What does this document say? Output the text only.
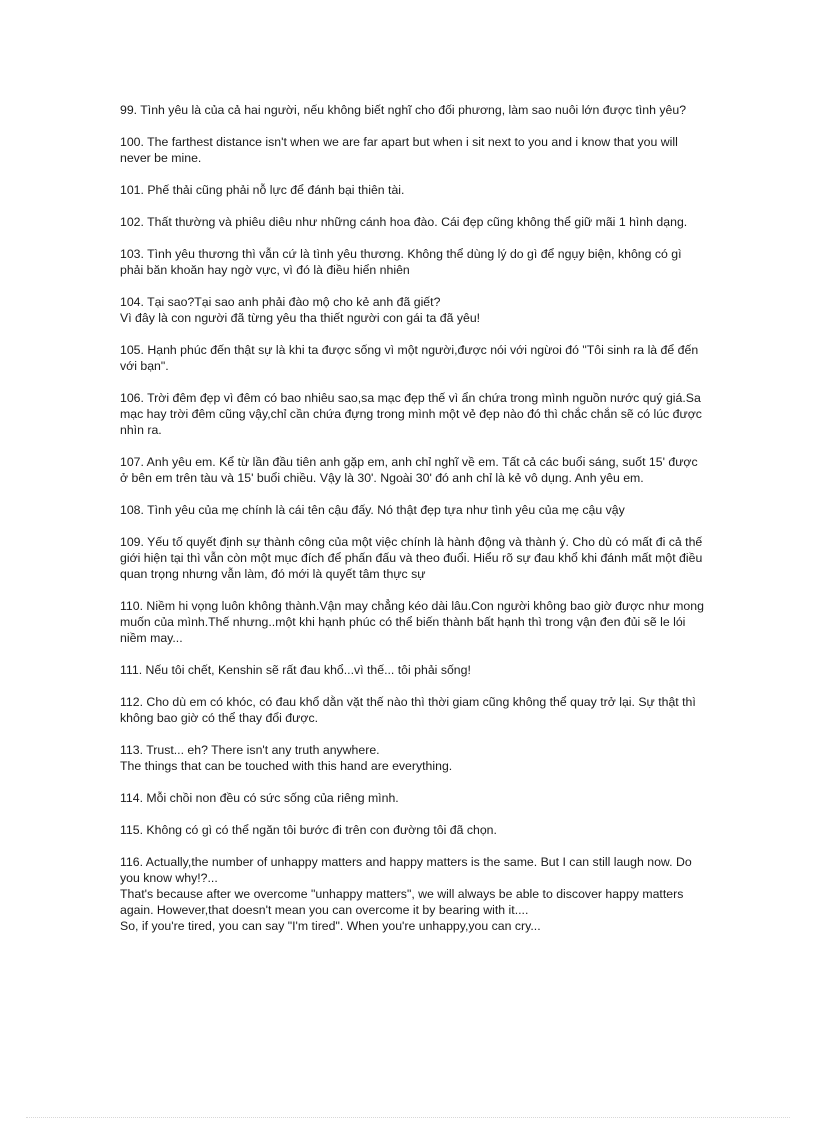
99. Tình yêu là của cả hai người, nếu không biết nghĩ cho đối phương, làm sao nuôi lớn được tình yêu?

100. The farthest distance isn't when we are far apart but when i sit next to you and i know that you will never be mine.

101. Phế thải cũng phải nỗ lực để đánh bại thiên tài.

102. Thất thường và phiêu diêu như những cánh hoa đào. Cái đẹp cũng không thể giữ mãi 1 hình dạng.

103. Tình yêu thương thì vẫn cứ là tình yêu thương. Không thể dùng lý do gì để ngụy biện, không có gì phải băn khoăn hay ngờ vực, vì đó là điều hiển nhiên

104. Tại sao?Tại sao anh phải đào mộ cho kẻ anh đã giết?

Vì đây là con người đã từng yêu tha thiết người con gái ta đã yêu!

105. Hạnh phúc đến thật sự là khi ta được sống vì một người,được nói với ngừoi đó "Tôi sinh ra là để đến với bạn".

106. Trời đêm đẹp vì đêm có bao nhiêu sao,sa mạc đẹp thế vì ẩn chứa trong mình nguồn nước quý giá.Sa mạc hay trời đêm cũng vậy,chỉ cần chứa đựng trong mình một vẻ đẹp nào đó thì chắc chắn sẽ có lúc được nhìn ra.

107. Anh yêu em. Kể từ lần đầu tiên anh gặp em, anh chỉ nghĩ về em. Tất cả các buổi sáng, suốt 15' được ở bên em trên tàu và 15' buổi chiều. Vậy là 30'. Ngoài 30' đó anh chỉ là kẻ vô dụng. Anh yêu em.

108. Tình yêu của mẹ chính là cái tên cậu đấy. Nó thật đẹp tựa như tình yêu của mẹ cậu vậy

109. Yếu tố quyết định sự thành công của một việc chính là hành động và thành ý. Cho dù có mất đi cả thế giới hiện tại thì vẫn còn một mục đích để phấn đấu và theo đuổi. Hiểu rõ sự đau khổ khi đánh mất một điều quan trọng nhưng vẫn làm, đó mới là quyết tâm thực sự

110. Niềm hi vọng luôn không thành.Vận may chẳng kéo dài lâu.Con người không bao giờ được như mong muốn của mình.Thế nhưng..một khi hạnh phúc có thể biến thành bất hạnh thì trong vận đen đủi sẽ le lói niềm may...

111. Nếu tôi chết, Kenshin sẽ rất đau khổ...vì thế... tôi phải sống!

112. Cho dù em có khóc, có đau khổ dằn vặt thế nào thì thời giam cũng không thể quay trở lại. Sự thật thì không bao giờ có thể thay đổi được.

113. Trust... eh? There isn't any truth anywhere.

The things that can be touched with this hand are everything.

114. Mỗi chồi non đều có sức sống của riêng mình.

115. Không có gì có thể ngăn tôi bước đi trên con đường tôi đã chọn.

116. Actually,the number of unhappy matters and happy matters is the same. But I can still laugh now. Do you know why!?...

That's because after we overcome "unhappy matters", we will always be able to discover happy matters again. However,that doesn't mean you can overcome it by bearing with it....

So, if you're tired, you can say "I'm tired". When you're unhappy,you can cry...
